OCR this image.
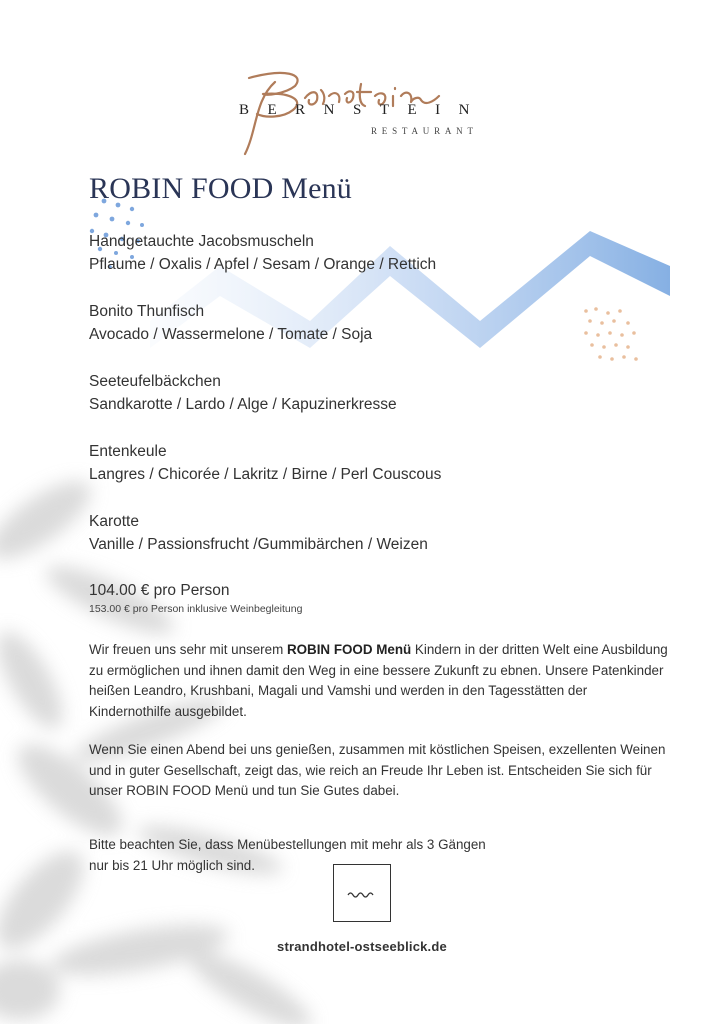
BERNSTEIN
RESTAURANT
ROBIN FOOD Menü
Handgetauchte Jacobsmuscheln
Pflaume / Oxalis / Apfel / Sesam / Orange / Rettich
Bonito Thunfisch
Avocado / Wassermelone / Tomate / Soja
Seeteufelbäckchen
Sandkarotte / Lardo / Alge / Kapuzinerkresse
Entenkeule
Langres / Chicorée / Lakritz / Birne / Perl Couscous
Karotte
Vanille / Passionsfrucht /Gummibärchen / Weizen
104.00 € pro Person
153.00 € pro Person inklusive Weinbegleitung

Wir freuen uns sehr mit unserem ROBIN FOOD Menü Kindern in der dritten Welt eine Ausbildung zu ermöglichen und ihnen damit den Weg in eine bessere Zukunft zu ebnen. Unsere Patenkinder heißen Leandro, Krushbani, Magali und Vamshi und werden in den Tagesstätten der Kindernothilfe ausgebildet.

Wenn Sie einen Abend bei uns genießen, zusammen mit köstlichen Speisen, exzellenten Weinen und in guter Gesellschaft, zeigt das, wie reich an Freude Ihr Leben ist. Entscheiden Sie sich für unser ROBIN FOOD Menü und tun Sie Gutes dabei.

Bitte beachten Sie, dass Menübestellungen mit mehr als 3 Gängen
nur bis 21 Uhr möglich sind.
strandhotel-ostseeblick.de
